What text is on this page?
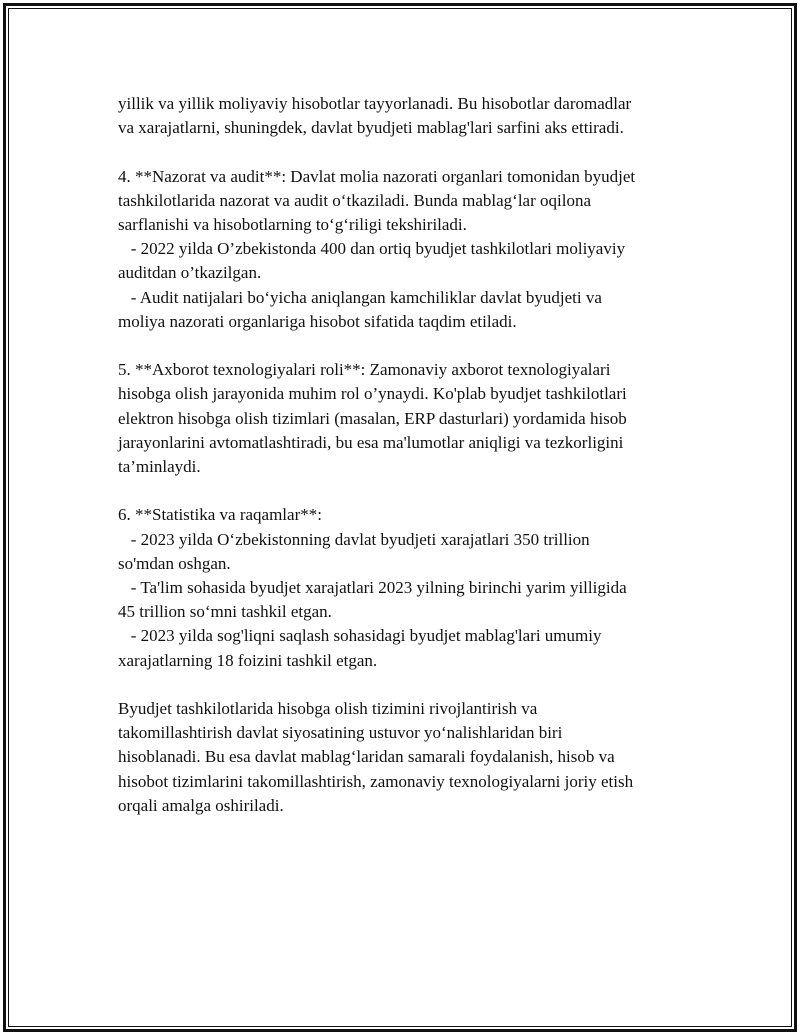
yillik va yillik moliyaviy hisobotlar tayyorlanadi. Bu hisobotlar daromadlar
va xarajatlarni, shuningdek, davlat byudjeti mablag'lari sarfini aks ettiradi.

4. **Nazorat va audit**: Davlat molia nazorati organlari tomonidan byudjet
tashkilotlarida nazorat va audit o‘tkaziladi. Bunda mablag‘lar oqilona
sarflanishi va hisobotlarning to‘g‘riligi tekshiriladi.
- 2022 yilda O’zbekistonda 400 dan ortiq byudjet tashkilotlari moliyaviy
auditdan o’tkazilgan.
- Audit natijalari bo‘yicha aniqlangan kamchiliklar davlat byudjeti va
moliya nazorati organlariga hisobot sifatida taqdim etiladi.

5. **Axborot texnologiyalari roli**: Zamonaviy axborot texnologiyalari
hisobga olish jarayonida muhim rol o’ynaydi. Ko'plab byudjet tashkilotlari
elektron hisobga olish tizimlari (masalan, ERP dasturlari) yordamida hisob
jarayonlarini avtomatlashtiradi, bu esa ma'lumotlar aniqligi va tezkorligini
ta’minlaydi.

6. **Statistika va raqamlar**:
- 2023 yilda O‘zbekistonning davlat byudjeti xarajatlari 350 trillion
so'mdan oshgan.
- Ta'lim sohasida byudjet xarajatlari 2023 yilning birinchi yarim yilligida
45 trillion so‘mni tashkil etgan.
- 2023 yilda sog'liqni saqlash sohasidagi byudjet mablag'lari umumiy
xarajatlarning 18 foizini tashkil etgan.

Byudjet tashkilotlarida hisobga olish tizimini rivojlantirish va
takomillashtirish davlat siyosatining ustuvor yo‘nalishlaridan biri
hisoblanadi. Bu esa davlat mablag‘laridan samarali foydalanish, hisob va
hisobot tizimlarini takomillashtirish, zamonaviy texnologiyalarni joriy etish
orqali amalga oshiriladi.
